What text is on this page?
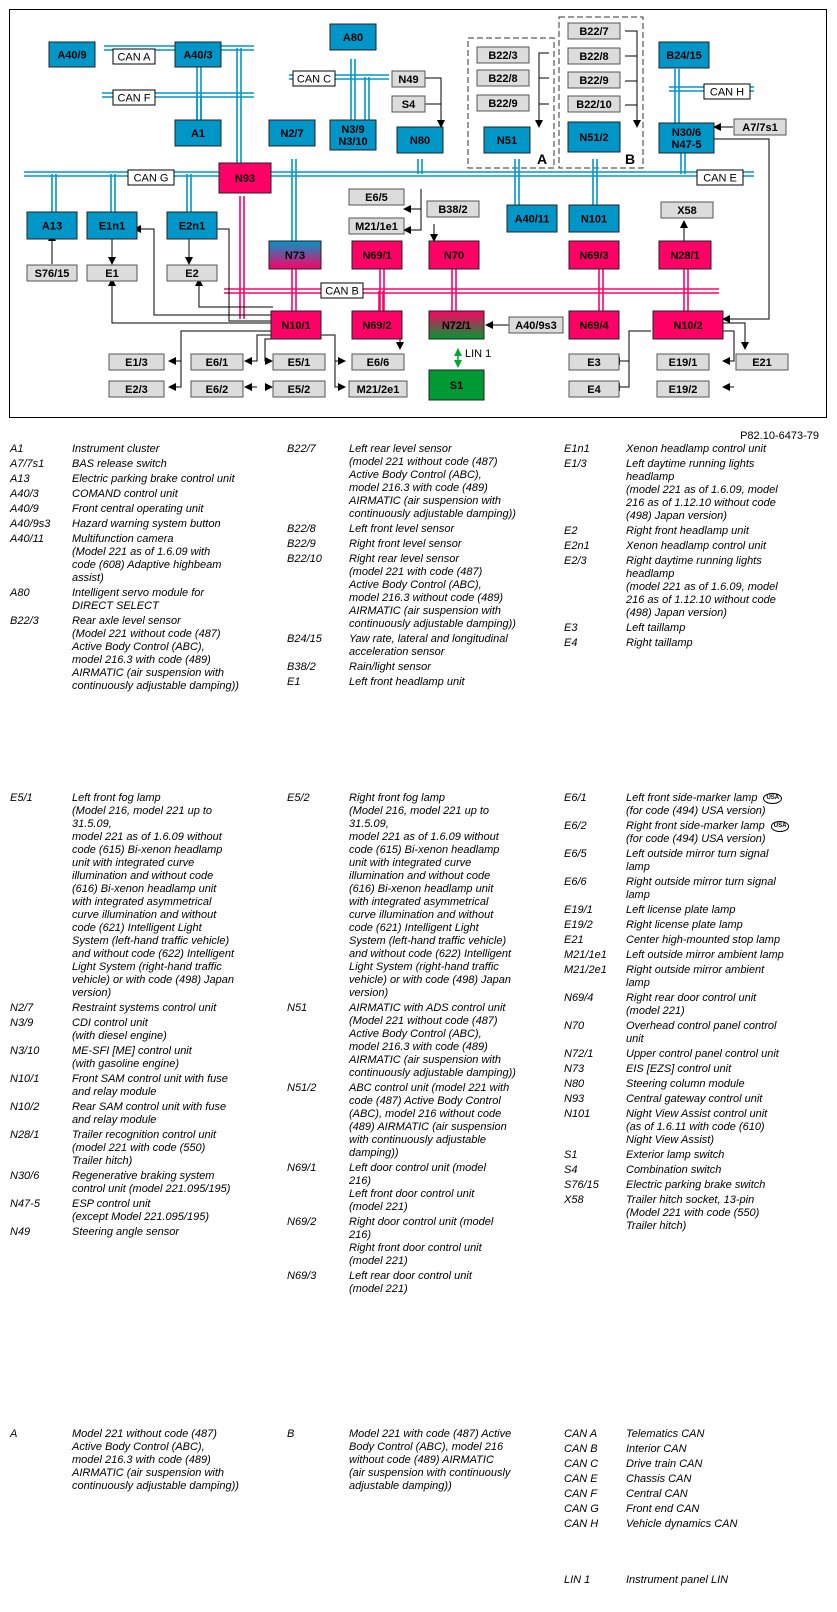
A	B
A40/9	A40/3
A80
A1	N2/7	N3/9 N3/10
N49
S4
N80
B22/3
B22/8
B22/9
N51
B22/7
B22/8
B22/9
B22/10
N51/2
B24/15
N30/6 N47-5
A7/7s1
N93
A13	E1n1	E2n1
E6/5
M21/1e1
B38/2
A40/11	N101
X58
S76/15	E1	E2
N73	N69/1	N70	N69/3	N28/1
N10/1	N69/2	N72/1	A40/9s3 N69/4	N10/2
E1/3	E6/1	E5/1	E6/6	E3	E19/1	E21
E2/3	E6/2	E5/2	M21/2e1	E4	E19/2
S1
CAN A
CAN F
CAN C
CAN G	CAN E
CAN H
CAN B
LIN 1
P82.10-6473-79
A1	Instrument cluster
A7/7s1	BAS release switch
A13	Electric parking brake control unit
A40/3	COMAND control unit
A40/9	Front central operating unit
A40/9s3	Hazard warning system button
A40/11	Multifunction camera
(Model 221 as of 1.6.09 with
code (608) Adaptive highbeam
assist)
A80	Intelligent servo module for
DIRECT SELECT
B22/3	Rear axle level sensor
(Model 221 without code (487)
Active Body Control (ABC),
model 216.3 with code (489)
AIRMATIC (air suspension with
continuously adjustable damping))
B22/7	Left rear level sensor
(model 221 without code (487)
Active Body Control (ABC),
model 216.3 with code (489)
AIRMATIC (air suspension with
continuously adjustable damping))
B22/8	Left front level sensor
B22/9	Right front level sensor
B22/10	Right rear level sensor
(model 221 with code (487)
Active Body Control (ABC),
model 216.3 without code (489)
AIRMATIC (air suspension with
continuously adjustable damping))
B24/15	Yaw rate, lateral and longitudinal
acceleration sensor
B38/2	Rain/light sensor
E1	Left front headlamp unit
E1n1	Xenon headlamp control unit
E1/3	Left daytime running lights
headlamp
(model 221 as of 1.6.09, model
216 as of 1.12.10 without code
(498) Japan version)
E2	Right front headlamp unit
E2n1	Xenon headlamp control unit
E2/3	Right daytime running lights
headlamp
(model 221 as of 1.6.09, model
216 as of 1.12.10 without code
(498) Japan version)
E3	Left taillamp
E4	Right taillamp
E5/1	Left front fog lamp
(Model 216, model 221 up to
31.5.09,
model 221 as of 1.6.09 without
code (615) Bi-xenon headlamp
unit with integrated curve
illumination and without code
(616) Bi-xenon headlamp unit
with integrated asymmetrical
curve illumination and without
code (621) Intelligent Light
System (left-hand traffic vehicle)
and without code (622) Intelligent
Light System (right-hand traffic
vehicle) or with code (498) Japan
version)
N2/7	Restraint systems control unit
N3/9	CDI control unit
(with diesel engine)
N3/10	ME-SFI [ME] control unit
(with gasoline engine)
N10/1	Front SAM control unit with fuse
and relay module
N10/2	Rear SAM control unit with fuse
and relay module
N28/1	Trailer recognition control unit
(model 221 with code (550)
Trailer hitch)
N30/6	Regenerative braking system
control unit (model 221.095/195)
N47-5	ESP control unit
(except Model 221.095/195)
N49	Steering angle sensor
E5/2	Right front fog lamp
(Model 216, model 221 up to
31.5.09,
model 221 as of 1.6.09 without
code (615) Bi-xenon headlamp
unit with integrated curve
illumination and without code
(616) Bi-xenon headlamp unit
with integrated asymmetrical
curve illumination and without
code (621) Intelligent Light
System (left-hand traffic vehicle)
and without code (622) Intelligent
Light System (right-hand traffic
vehicle) or with code (498) Japan
version)
N51	AIRMATIC with ADS control unit
(Model 221 without code (487)
Active Body Control (ABC),
model 216.3 with code (489)
AIRMATIC (air suspension with
continuously adjustable damping))
N51/2	ABC control unit (model 221 with
code (487) Active Body Control
(ABC), model 216 without code
(489) AIRMATIC (air suspension
with continuously adjustable
damping))
N69/1	Left door control unit (model
216)
Left front door control unit
(model 221)
N69/2	Right door control unit (model
216)
Right front door control unit
(model 221)
N69/3	Left rear door control unit
(model 221)
E6/1	Left front side-marker lamp USA
(for code (494) USA version)
E6/2	Right front side-marker lamp USA
(for code (494) USA version)
E6/5	Left outside mirror turn signal
lamp
E6/6	Right outside mirror turn signal
lamp
E19/1	Left license plate lamp
E19/2	Right license plate lamp
E21	Center high-mounted stop lamp
M21/1e1	Left outside mirror ambient lamp
M21/2e1	Right outside mirror ambient
lamp
N69/4	Right rear door control unit
(model 221)
N70	Overhead control panel control
unit
N72/1	Upper control panel control unit
N73	EIS [EZS] control unit
N80	Steering column module
N93	Central gateway control unit
N101	Night View Assist control unit
(as of 1.6.11 with code (610)
Night View Assist)
S1	Exterior lamp switch
S4	Combination switch
S76/15	Electric parking brake switch
X58	Trailer hitch socket, 13-pin
(Model 221 with code (550)
Trailer hitch)
A	Model 221 without code (487)
Active Body Control (ABC),
model 216.3 with code (489)
AIRMATIC (air suspension with
continuously adjustable damping))
B	Model 221 with code (487) Active
Body Control (ABC), model 216
without code (489) AIRMATIC
(air suspension with continuously
adjustable damping))
CAN A	Telematics CAN
CAN B	Interior CAN
CAN C	Drive train CAN
CAN E	Chassis CAN
CAN F	Central CAN
CAN G	Front end CAN
CAN H	Vehicle dynamics CAN
LIN 1	Instrument panel LIN
